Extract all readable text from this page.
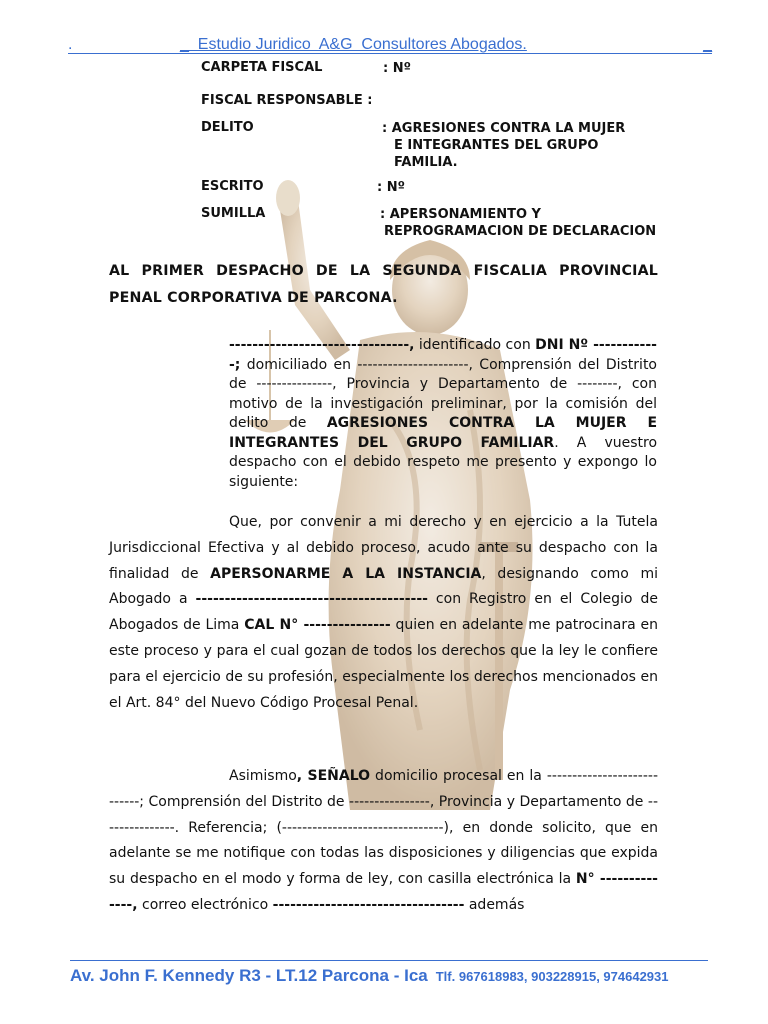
.	_  Estudio Juridico  A&G  Consultores Abogados.	_
CARPETA FISCAL	: Nº
FISCAL RESPONSABLE :
DELITO	: AGRESIONES CONTRA LA MUJER
E INTEGRANTES DEL GRUPO
FAMILIA.
ESCRITO	: Nº
SUMILLA	: APERSONAMIENTO Y
REPROGRAMACION DE DECLARACION
AL PRIMER DESPACHO DE LA SEGUNDA FISCALIA PROVINCIAL PENAL CORPORATIVA DE PARCONA.
-------------------------------, identificado con DNI Nº ------------; domiciliado en ----------------------, Comprensión del Distrito de ---------------, Provincia y Departamento de --------, con motivo de la investigación preliminar, por la comisión del delito de AGRESIONES CONTRA LA MUJER E INTEGRANTES DEL GRUPO FAMILIAR. A vuestro despacho con el debido respeto me presento y expongo lo siguiente:
Que, por convenir a mi derecho y en ejercicio a la Tutela Jurisdiccional Efectiva y al debido proceso, acudo ante su despacho con la finalidad de APERSONARME A LA INSTANCIA, designando como mi Abogado a ---------------------------------------- con Registro en el Colegio de Abogados de Lima CAL N° --------------- quien en adelante me patrocinara en este proceso y para el cual gozan de todos los derechos que la ley le confiere para el ejercicio de su profesión, especialmente los derechos mencionados en el Art. 84° del Nuevo Código Procesal Penal.
Asimismo, SEÑALO domicilio procesal en la ----------------------------; Comprensión del Distrito de ----------------, Provincia y Departamento de ---------------. Referencia; (--------------------------------), en donde solicito, que en adelante se me notifique con todas las disposiciones y diligencias que expida su despacho en el modo y forma de ley, con casilla electrónica la N° --------------, correo electrónico --------------------------------- además
Av. John F. Kennedy R3 - LT.12 Parcona - Ica Tlf. 967618983, 903228915, 974642931
